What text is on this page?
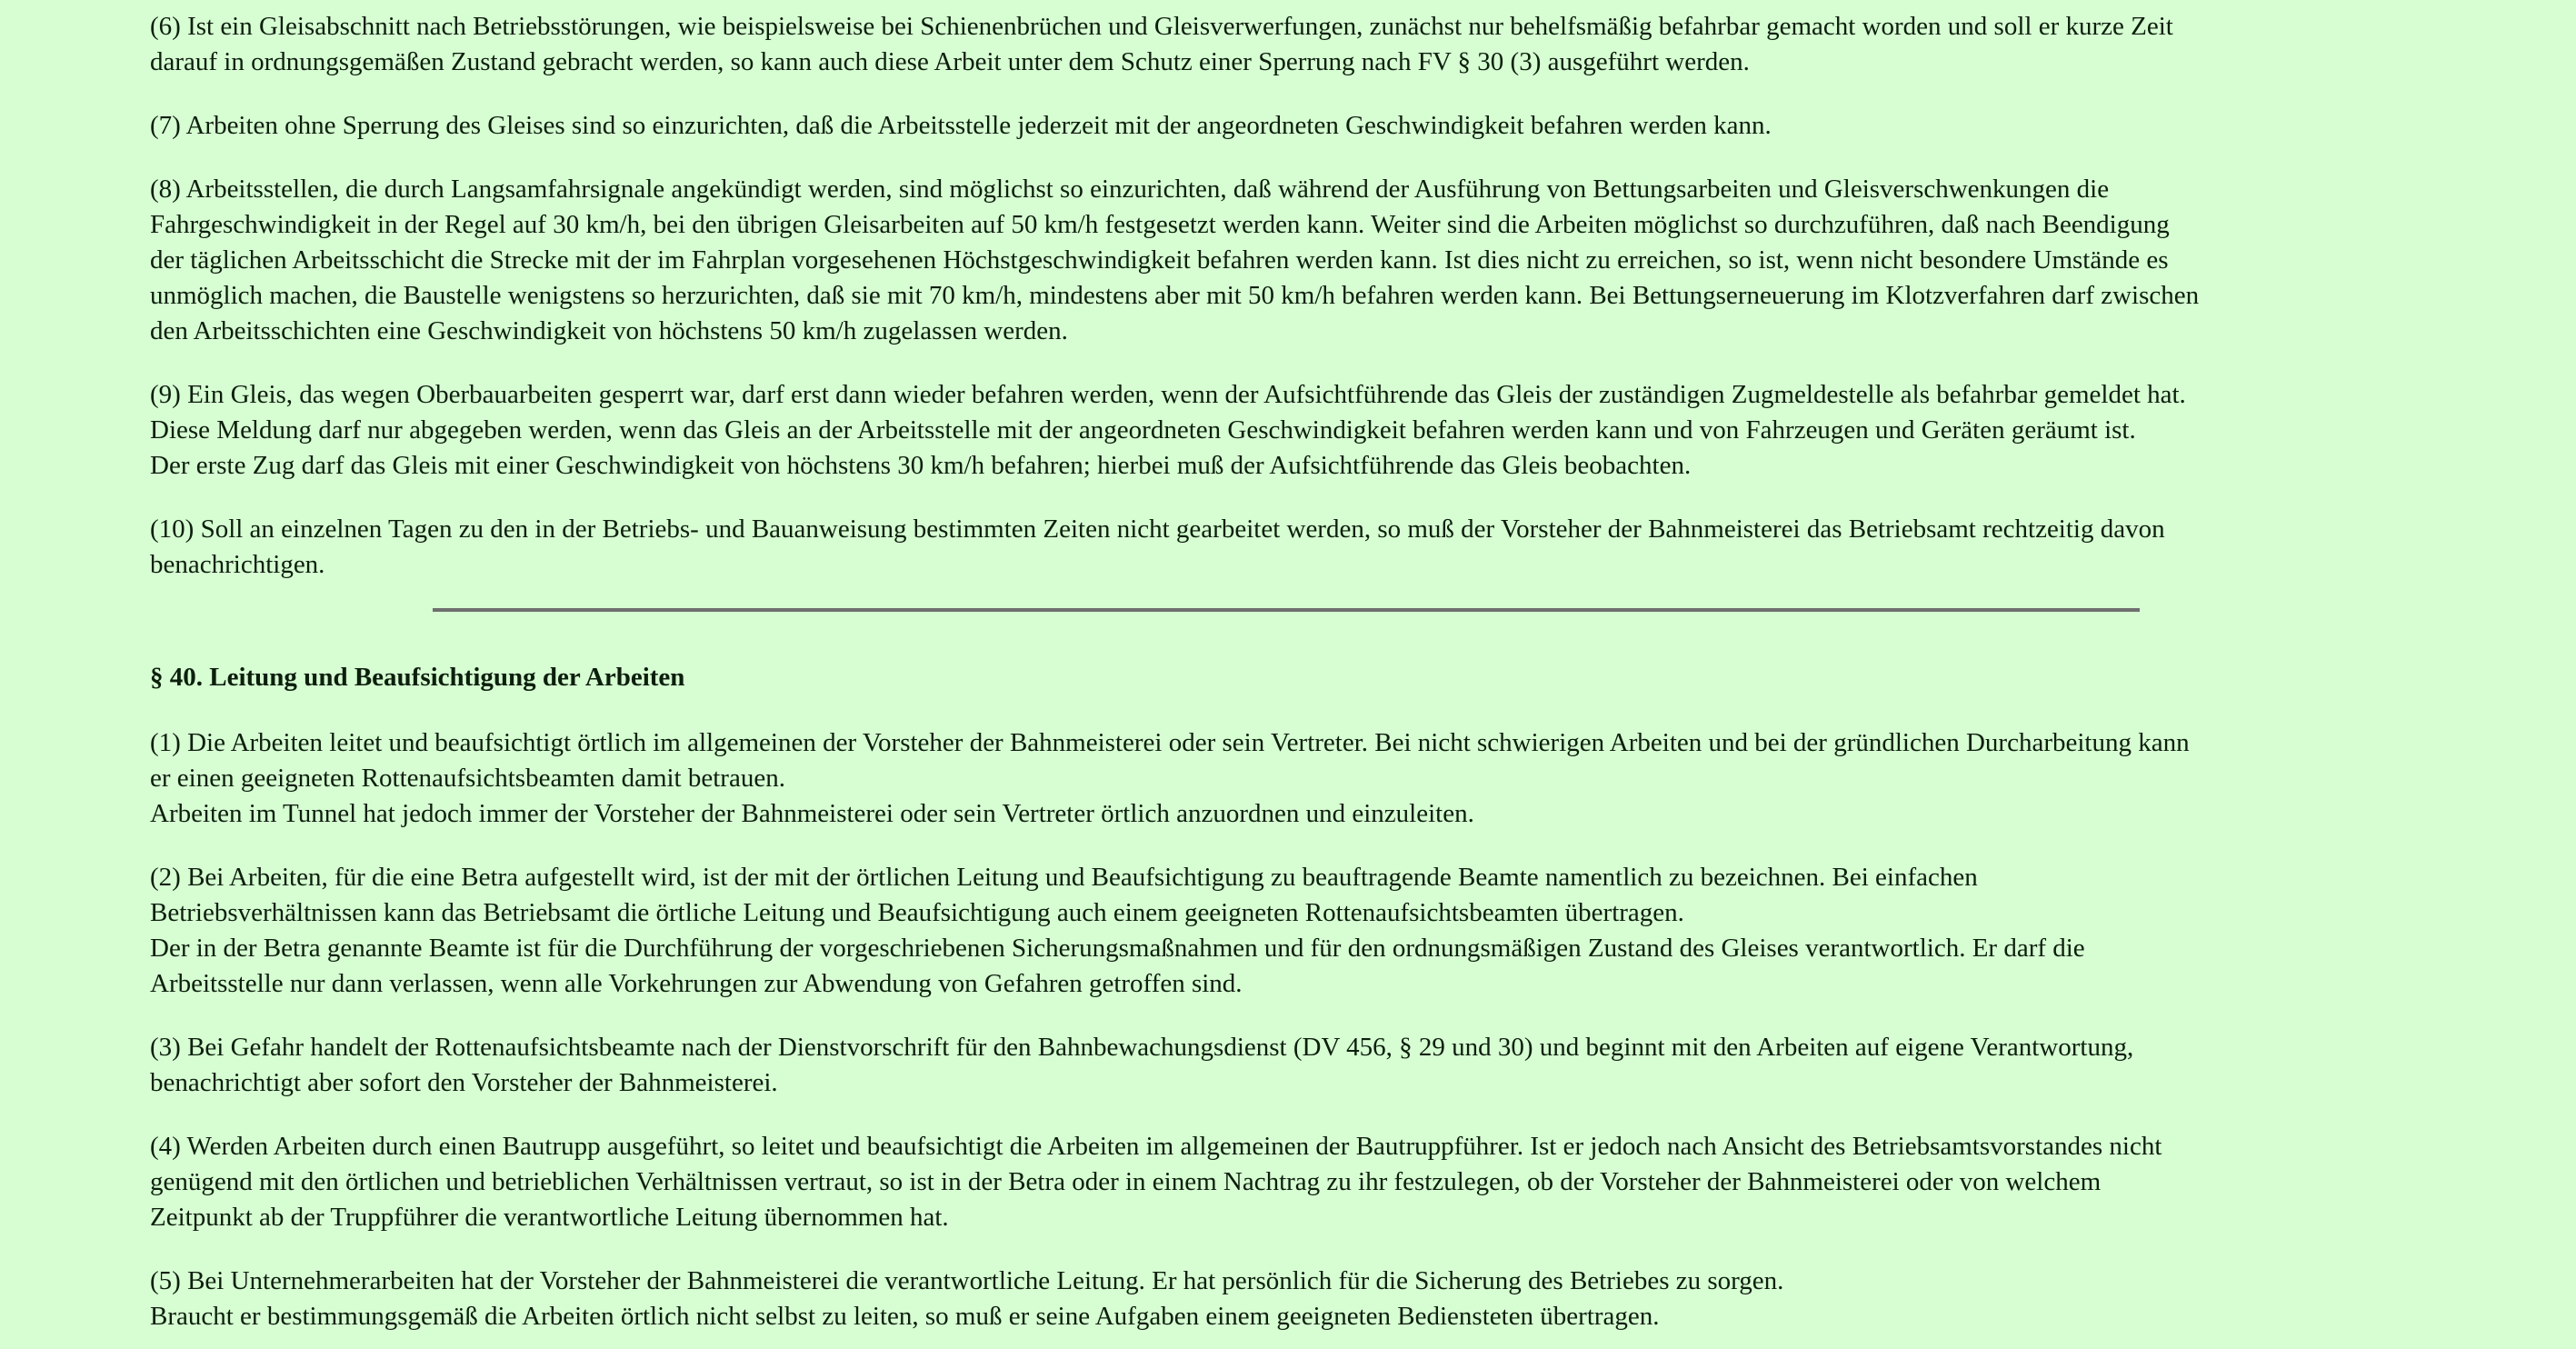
(6) Ist ein Gleisabschnitt nach Betriebsstörungen, wie beispielsweise bei Schienenbrüchen und Gleisverwerfungen, zunächst nur behelfsmäßig befahrbar gemacht worden und soll er kurze Zeit
darauf in ordnungsgemäßen Zustand gebracht werden, so kann auch diese Arbeit unter dem Schutz einer Sperrung nach FV § 30 (3) ausgeführt werden.

(7) Arbeiten ohne Sperrung des Gleises sind so einzurichten, daß die Arbeitsstelle jederzeit mit der angeordneten Geschwindigkeit befahren werden kann.

(8) Arbeitsstellen, die durch Langsamfahrsignale angekündigt werden, sind möglichst so einzurichten, daß während der Ausführung von Bettungsarbeiten und Gleisverschwenkungen die
Fahrgeschwindigkeit in der Regel auf 30 km/h, bei den übrigen Gleisarbeiten auf 50 km/h festgesetzt werden kann. Weiter sind die Arbeiten möglichst so durchzuführen, daß nach Beendigung
der täglichen Arbeitsschicht die Strecke mit der im Fahrplan vorgesehenen Höchstgeschwindigkeit befahren werden kann. Ist dies nicht zu erreichen, so ist, wenn nicht besondere Umstände es
unmöglich machen, die Baustelle wenigstens so herzurichten, daß sie mit 70 km/h, mindestens aber mit 50 km/h befahren werden kann. Bei Bettungserneuerung im Klotzverfahren darf zwischen
den Arbeitsschichten eine Geschwindigkeit von höchstens 50 km/h zugelassen werden.

(9) Ein Gleis, das wegen Oberbauarbeiten gesperrt war, darf erst dann wieder befahren werden, wenn der Aufsichtführende das Gleis der zuständigen Zugmeldestelle als befahrbar gemeldet hat.
Diese Meldung darf nur abgegeben werden, wenn das Gleis an der Arbeitsstelle mit der angeordneten Geschwindigkeit befahren werden kann und von Fahrzeugen und Geräten geräumt ist.
Der erste Zug darf das Gleis mit einer Geschwindigkeit von höchstens 30 km/h befahren; hierbei muß der Aufsichtführende das Gleis beobachten.

(10) Soll an einzelnen Tagen zu den in der Betriebs- und Bauanweisung bestimmten Zeiten nicht gearbeitet werden, so muß der Vorsteher der Bahnmeisterei das Betriebsamt rechtzeitig davon
benachrichtigen.

§ 40. Leitung und Beaufsichtigung der Arbeiten

(1) Die Arbeiten leitet und beaufsichtigt örtlich im allgemeinen der Vorsteher der Bahnmeisterei oder sein Vertreter. Bei nicht schwierigen Arbeiten und bei der gründlichen Durcharbeitung kann
er einen geeigneten Rottenaufsichtsbeamten damit betrauen.
Arbeiten im Tunnel hat jedoch immer der Vorsteher der Bahnmeisterei oder sein Vertreter örtlich anzuordnen und einzuleiten.

(2) Bei Arbeiten, für die eine Betra aufgestellt wird, ist der mit der örtlichen Leitung und Beaufsichtigung zu beauftragende Beamte namentlich zu bezeichnen. Bei einfachen
Betriebsverhältnissen kann das Betriebsamt die örtliche Leitung und Beaufsichtigung auch einem geeigneten Rottenaufsichtsbeamten übertragen.
Der in der Betra genannte Beamte ist für die Durchführung der vorgeschriebenen Sicherungsmaßnahmen und für den ordnungsmäßigen Zustand des Gleises verantwortlich. Er darf die
Arbeitsstelle nur dann verlassen, wenn alle Vorkehrungen zur Abwendung von Gefahren getroffen sind.

(3) Bei Gefahr handelt der Rottenaufsichtsbeamte nach der Dienstvorschrift für den Bahnbewachungsdienst (DV 456, § 29 und 30) und beginnt mit den Arbeiten auf eigene Verantwortung,
benachrichtigt aber sofort den Vorsteher der Bahnmeisterei.

(4) Werden Arbeiten durch einen Bautrupp ausgeführt, so leitet und beaufsichtigt die Arbeiten im allgemeinen der Bautruppführer. Ist er jedoch nach Ansicht des Betriebsamtsvorstandes nicht
genügend mit den örtlichen und betrieblichen Verhältnissen vertraut, so ist in der Betra oder in einem Nachtrag zu ihr festzulegen, ob der Vorsteher der Bahnmeisterei oder von welchem
Zeitpunkt ab der Truppführer die verantwortliche Leitung übernommen hat.

(5) Bei Unternehmerarbeiten hat der Vorsteher der Bahnmeisterei die verantwortliche Leitung. Er hat persönlich für die Sicherung des Betriebes zu sorgen.
Braucht er bestimmungsgemäß die Arbeiten örtlich nicht selbst zu leiten, so muß er seine Aufgaben einem geeigneten Bediensteten übertragen.
